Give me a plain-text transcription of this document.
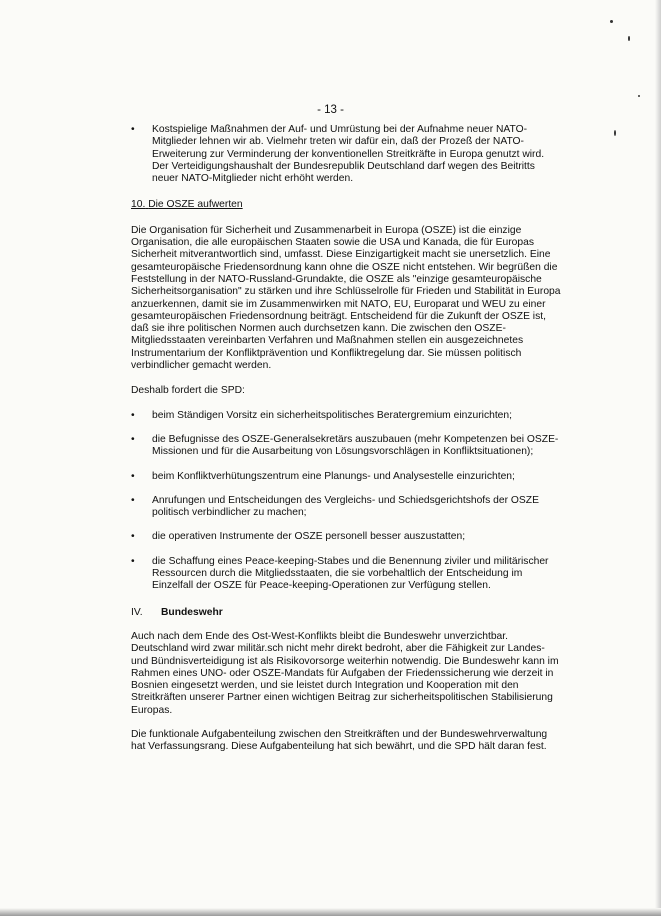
- 13 -
•	Kostspielige Maßnahmen der Auf- und Umrüstung bei der Aufnahme neuer NATO-Mitglieder lehnen wir ab. Vielmehr treten wir dafür ein, daß der Prozeß der NATO-Erweiterung zur Verminderung der konventionellen Streitkräfte in Europa genutzt wird. Der Verteidigungshaushalt der Bundesrepublik Deutschland darf wegen des Beitritts neuer NATO-Mitglieder nicht erhöht werden.

10. Die OSZE aufwerten

Die Organisation für Sicherheit und Zusammenarbeit in Europa (OSZE) ist die einzige Organisation, die alle europäischen Staaten sowie die USA und Kanada, die für Europas Sicherheit mitverantwortlich sind, umfasst. Diese Einzigartigkeit macht sie unersetzlich. Eine gesamteuropäische Friedensordnung kann ohne die OSZE nicht entstehen. Wir begrüßen die Feststellung in der NATO-Russland-Grundakte, die OSZE als "einzige gesamteuropäische Sicherheitsorganisation" zu stärken und ihre Schlüsselrolle für Frieden und Stabilität in Europa anzuerkennen, damit sie im Zusammenwirken mit NATO, EU, Europarat und WEU zu einer gesamteuropäischen Friedensordnung beiträgt. Entscheidend für die Zukunft der OSZE ist, daß sie ihre politischen Normen auch durchsetzen kann. Die zwischen den OSZE-Mitgliedsstaaten vereinbarten Verfahren und Maßnahmen stellen ein ausgezeichnetes Instrumentarium der Konfliktprävention und Konfliktregelung dar. Sie müssen politisch verbindlicher gemacht werden.

Deshalb fordert die SPD:

•	beim Ständigen Vorsitz ein sicherheitspolitisches Beratergremium einzurichten;
•	die Befugnisse des OSZE-Generalsekretärs auszubauen (mehr Kompetenzen bei OSZE-Missionen und für die Ausarbeitung von Lösungsvorschlägen in Konfliktsituationen);
•	beim Konfliktverhütungszentrum eine Planungs- und Analysestelle einzurichten;
•	Anrufungen und Entscheidungen des Vergleichs- und Schiedsgerichtshofs der OSZE politisch verbindlicher zu machen;
•	die operativen Instrumente der OSZE personell besser auszustatten;
•	die Schaffung eines Peace-keeping-Stabes und die Benennung ziviler und militärischer Ressourcen durch die Mitgliedsstaaten, die sie vorbehaltlich der Entscheidung im Einzelfall der OSZE für Peace-keeping-Operationen zur Verfügung stellen.

IV. Bundeswehr

Auch nach dem Ende des Ost-West-Konflikts bleibt die Bundeswehr unverzichtbar. Deutschland wird zwar militär.sch nicht mehr direkt bedroht, aber die Fähigkeit zur Landes- und Bündnisverteidigung ist als Risikovorsorge weiterhin notwendig. Die Bundeswehr kann im Rahmen eines UNO- oder OSZE-Mandats für Aufgaben der Friedenssicherung wie derzeit in Bosnien eingesetzt werden, und sie leistet durch Integration und Kooperation mit den Streitkräften unserer Partner einen wichtigen Beitrag zur sicherheitspolitischen Stabilisierung Europas.

Die funktionale Aufgabenteilung zwischen den Streitkräften und der Bundeswehrverwaltung hat Verfassungsrang. Diese Aufgabenteilung hat sich bewährt, und die SPD hält daran fest.
